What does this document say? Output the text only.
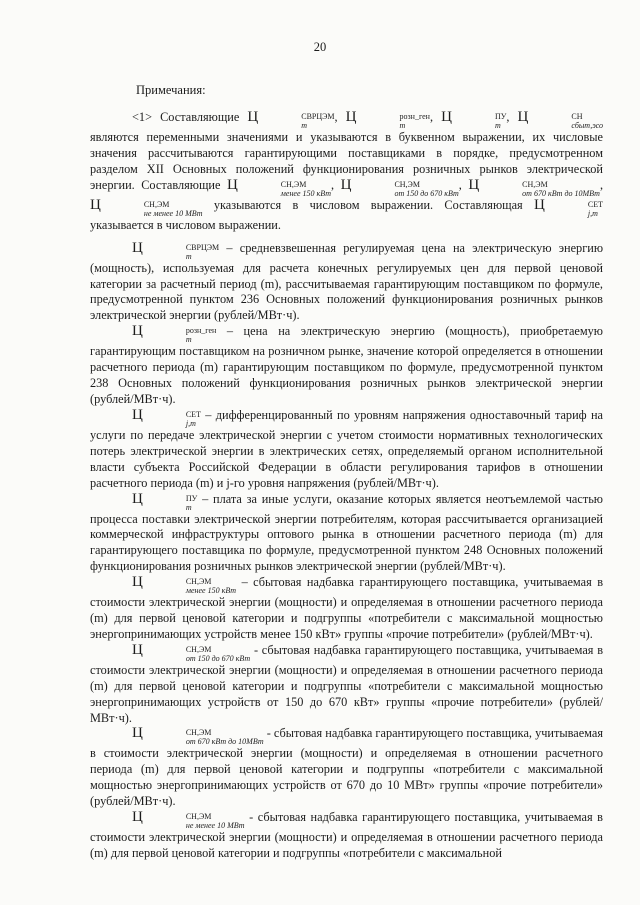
20
Примечания:

<1> Составляющие Ц	СВРЦЭМ
m
, Ц	розн_ген
m
, Ц	ПУ
m
, Ц	СН
сбыт,эсо
являются переменными значениями и указываются в буквенном выражении, их числовые значения рассчитываются гарантирующими поставщиками в порядке, предусмотренном разделом XII Основных положений функционирования розничных рынков электрической энергии. Составляющие Ц	СН,ЭМ
менее 150 кВт
, Ц	СН,ЭМ
от 150 до 670 кВт
, Ц	СН,ЭМ
от 670 кВт до 10МВт
, Ц	СН,ЭМ
не менее 10 МВт
указываются в числовом выражении. Составляющая Ц	СЕТ
j,m
указывается в числовом выражении.

Ц	СВРЦЭМ
m
– средневзвешенная регулируемая цена на электрическую энергию (мощность), используемая для расчета конечных регулируемых цен для первой ценовой категории за расчетный период (m), рассчитываемая гарантирующим поставщиком по формуле, предусмотренной пунктом 236 Основных положений функционирования розничных рынков электрической энергии (рублей/МВт·ч).

Ц	розн_ген
m
– цена на электрическую энергию (мощность), приобретаемую гарантирующим поставщиком на розничном рынке, значение которой определяется в отношении расчетного периода (m) гарантирующим поставщиком по формуле, предусмотренной пунктом 238 Основных положений функционирования розничных рынков электрической энергии (рублей/МВт·ч).

Ц	СЕТ
j,m
– дифференцированный по уровням напряжения одноставочный тариф на услуги по передаче электрической энергии с учетом стоимости нормативных технологических потерь электрической энергии в электрических сетях, определяемый органом исполнительной власти субъекта Российской Федерации в области регулирования тарифов в отношении расчетного периода (m) и j-го уровня напряжения (рублей/МВт·ч).

Ц	ПУ
m
– плата за иные услуги, оказание которых является неотъемлемой частью процесса поставки электрической энергии потребителям, которая рассчитывается организацией коммерческой инфраструктуры оптового рынка в отношении расчетного периода (m) для гарантирующего поставщика по формуле, предусмотренной пунктом 248 Основных положений функционирования розничных рынков электрической энергии (рублей/МВт·ч).

Ц	СН,ЭМ
менее 150 кВт
– сбытовая надбавка гарантирующего поставщика, учитываемая в стоимости электрической энергии (мощности) и определяемая в отношении расчетного периода (m) для первой ценовой категории и подгруппы «потребители с максимальной мощностью энергопринимающих устройств менее 150 кВт» группы «прочие потребители» (рублей/МВт·ч).

Ц	СН,ЭМ
от 150 до 670 кВт
- сбытовая надбавка гарантирующего поставщика, учитываемая в стоимости электрической энергии (мощности) и определяемая в отношении расчетного периода (m) для первой ценовой категории и подгруппы «потребители с максимальной мощностью энергопринимающих устройств от 150 до 670 кВт» группы «прочие потребители» (рублей/МВт·ч).

Ц	СН,ЭМ
от 670 кВт до 10МВт
- сбытовая надбавка гарантирующего поставщика, учитываемая в стоимости электрической энергии (мощности) и определяемая в отношении расчетного периода (m) для первой ценовой категории и подгруппы «потребители с максимальной мощностью энергопринимающих устройств от 670 до 10 МВт» группы «прочие потребители» (рублей/МВт·ч).

Ц	СН,ЭМ
не менее 10 МВт
- сбытовая надбавка гарантирующего поставщика, учитываемая в стоимости электрической энергии (мощности) и определяемая в отношении расчетного периода (m) для первой ценовой категории и подгруппы «потребители с максимальной
